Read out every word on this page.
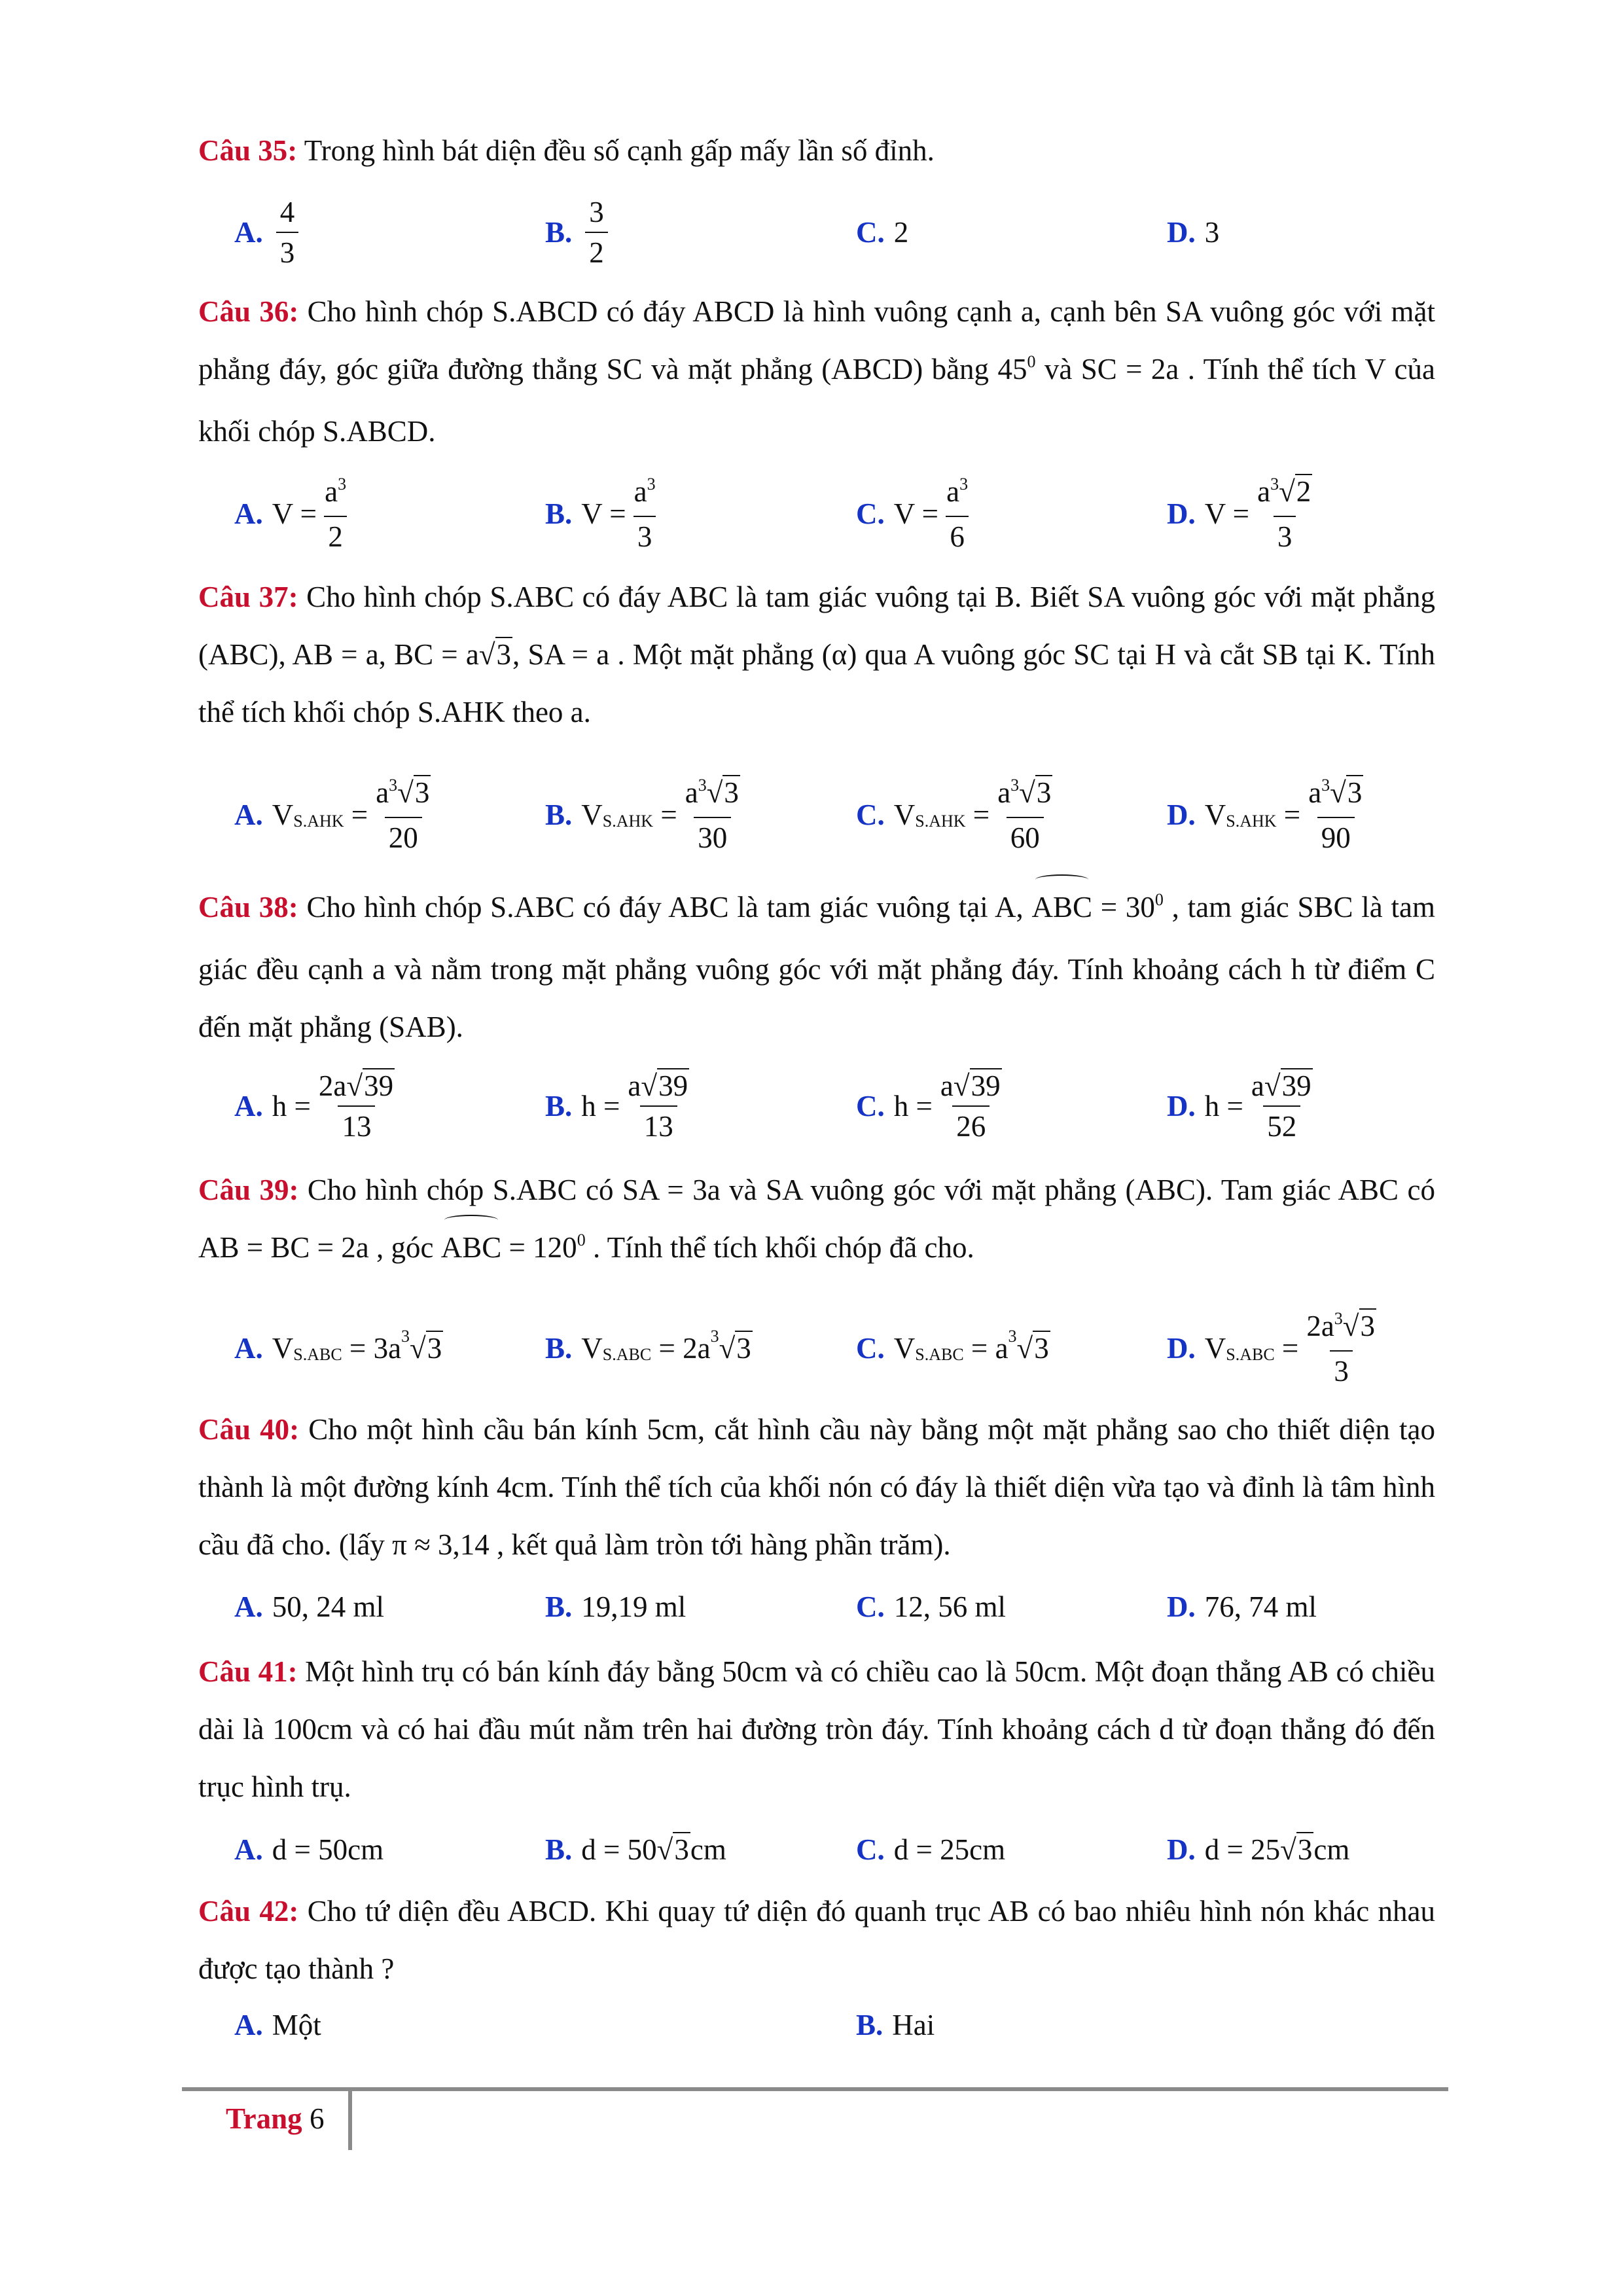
Câu 35: Trong hình bát diện đều số cạnh gấp mấy lần số đỉnh.
A. $\frac{4}{3}$	B. $\frac{3}{2}$	C. 2	D. 3
Câu 36: Cho hình chóp S.ABCD có đáy ABCD là hình vuông cạnh a, cạnh bên SA vuông góc với mặt phẳng đáy, góc giữa đường thẳng SC và mặt phẳng (ABCD) bằng $45^0$ và SC = 2a . Tính thể tích V của khối chóp S.ABCD.
A. $V = \frac{a^3}{2}$	B. $V = \frac{a^3}{3}$	C. $V = \frac{a^3}{6}$	D. $V = \frac{a^3√2}{3}$
Câu 37: Cho hình chóp S.ABC có đáy ABC là tam giác vuông tại B. Biết SA vuông góc với mặt phẳng (ABC), AB = a, BC = a√3, SA = a . Một mặt phẳng (α) qua A vuông góc SC tại H và cắt SB tại K. Tính thể tích khối chóp S.AHK theo a.
A. V S.AHK
= $\frac{a^3√3}{20}$	B. V S.AHK
= $\frac{a^3√3}{30}$	C. V S.AHK
= $\frac{a^3√3}{60}$	D. V S.AHK
= $\frac{a^3√3}{90}$
Câu 38: Cho hình chóp S.ABC có đáy ABC là tam giác vuông tại A, ABC = $30^0$ , tam giác SBC là tam giác đều cạnh a và nằm trong mặt phẳng vuông góc với mặt phẳng đáy. Tính khoảng cách h từ điểm C đến mặt phẳng (SAB).
A. $h = \frac{2a√39}{13}$	B. $h = \frac{a√39}{13}$	C. $h = \frac{a√39}{26}$	D. $h = \frac{a√39}{52}$
Câu 39: Cho hình chóp S.ABC có SA = 3a và SA vuông góc với mặt phẳng (ABC). Tam giác ABC có AB = BC = 2a , góc ABC = $120^0$ . Tính thể tích khối chóp đã cho.
A. V S.ABC
=
3a 3 √3	B. V S.ABC
=
2a 3 √3	C. V S.ABC
=
a 3 √3	D. V S.ABC
= $\frac{2a^3√3}{3}$
Câu 40: Cho một hình cầu bán kính 5cm, cắt hình cầu này bằng một mặt phẳng sao cho thiết diện tạo thành là một đường kính 4cm. Tính thể tích của khối nón có đáy là thiết diện vừa tạo và đỉnh là tâm hình cầu đã cho. (lấy π ≈ 3,14 , kết quả làm tròn tới hàng phần trăm).
A. 50, 24 ml	B. 19,19 ml	C. 12, 56 ml	D. 76, 74 ml
Câu 41: Một hình trụ có bán kính đáy bằng 50cm và có chiều cao là 50cm. Một đoạn thẳng AB có chiều dài là 100cm và có hai đầu mút nằm trên hai đường tròn đáy. Tính khoảng cách d từ đoạn thẳng đó đến trục hình trụ.
A. d = 50cm	B. d = 50 √3 cm	C. d = 25cm	D. d = 25 √3 cm
Câu 42: Cho tứ diện đều ABCD. Khi quay tứ diện đó quanh trục AB có bao nhiêu hình nón khác nhau được tạo thành ?
A. Một	B. Hai
Trang 6
